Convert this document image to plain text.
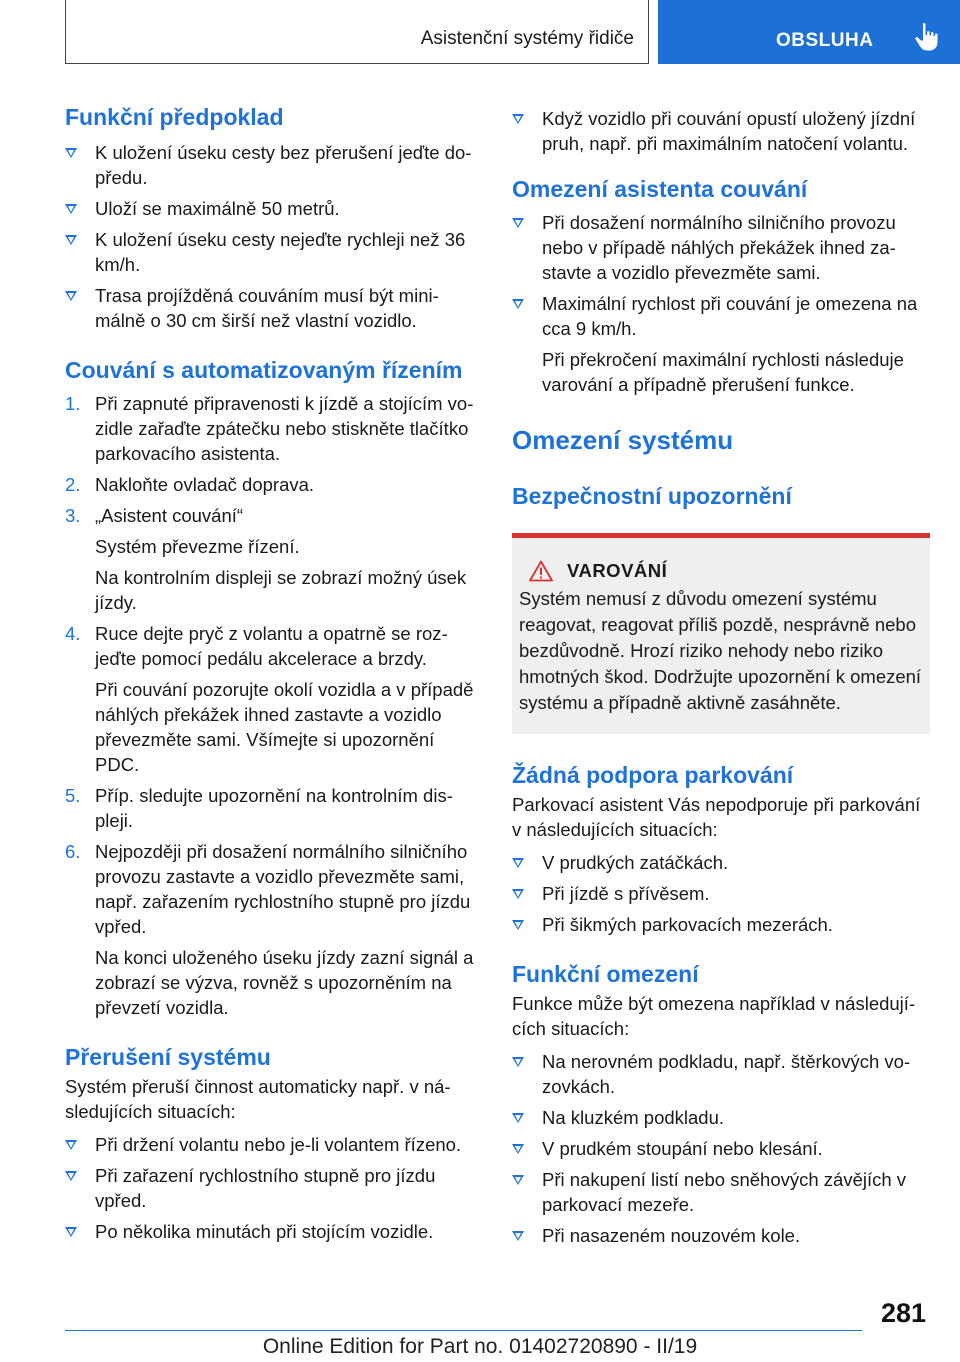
Asistenční systémy řidiče	OBSLUHA
Funkční předpoklad
K uložení úseku cesty bez přerušení jeďte dopředu.
Uloží se maximálně 50 metrů.
K uložení úseku cesty nejeďte rychleji než 36 km/h.
Trasa projížděná couváním musí být minimálně o 30 cm širší než vlastní vozidlo.
Couvání s automatizovaným řízením
1. Při zapnuté připravenosti k jízdě a stojícím vozidle zařaďte zpátečku nebo stiskněte tlačítko parkovacího asistenta.
2. Nakloňte ovladač doprava.
3. „Asistent couvání“
Systém převezme řízení.
Na kontrolním displeji se zobrazí možný úsek jízdy.
4. Ruce dejte pryč z volantu a opatrně se rozjeďte pomocí pedálu akcelerace a brzdy.
Při couvání pozorujte okolí vozidla a v případě náhlých překážek ihned zastavte a vozidlo převezměte sami. Všímejte si upozornění PDC.
5. Příp. sledujte upozornění na kontrolním displeji.
6. Nejpozději při dosažení normálního silničního provozu zastavte a vozidlo převezměte sami, např. zařazením rychlostního stupně pro jízdu vpřed.
Na konci uloženého úseku jízdy zazní signál a zobrazí se výzva, rovněž s upozorněním na převzetí vozidla.
Přerušení systému

Systém přeruší činnost automaticky např. v následujících situacích:

Při držení volantu nebo je-li volantem řízeno.
Při zařazení rychlostního stupně pro jízdu vpřed.
Po několika minutách při stojícím vozidle.
Když vozidlo při couvání opustí uložený jízdní pruh, např. při maximálním natočení volantu.
Omezení asistenta couvání
Při dosažení normálního silničního provozu nebo v případě náhlých překážek ihned zastavte a vozidlo převezměte sami.
Maximální rychlost při couvání je omezena na cca 9 km/h.
Při překročení maximální rychlosti následuje varování a případně přerušení funkce.
Omezení systému
Bezpečnostní upozornění
VAROVÁNÍ
Systém nemusí z důvodu omezení systému reagovat, reagovat příliš pozdě, nesprávně nebo bezdůvodně. Hrozí riziko nehody nebo riziko hmotných škod. Dodržujte upozornění k omezení systému a případně aktivně zasáhněte.
Žádná podpora parkování

Parkovací asistent Vás nepodporuje při parkování v následujících situacích:

V prudkých zatáčkách.
Při jízdě s přívěsem.
Při šikmých parkovacích mezerách.
Funkční omezení

Funkce může být omezena například v následujících situacích:

Na nerovném podkladu, např. štěrkových vozovkách.
Na kluzkém podkladu.
V prudkém stoupání nebo klesání.
Při nakupení listí nebo sněhových závějích v parkovací mezeře.
Při nasazeném nouzovém kole.
281
Online Edition for Part no. 01402720890 - II/19
